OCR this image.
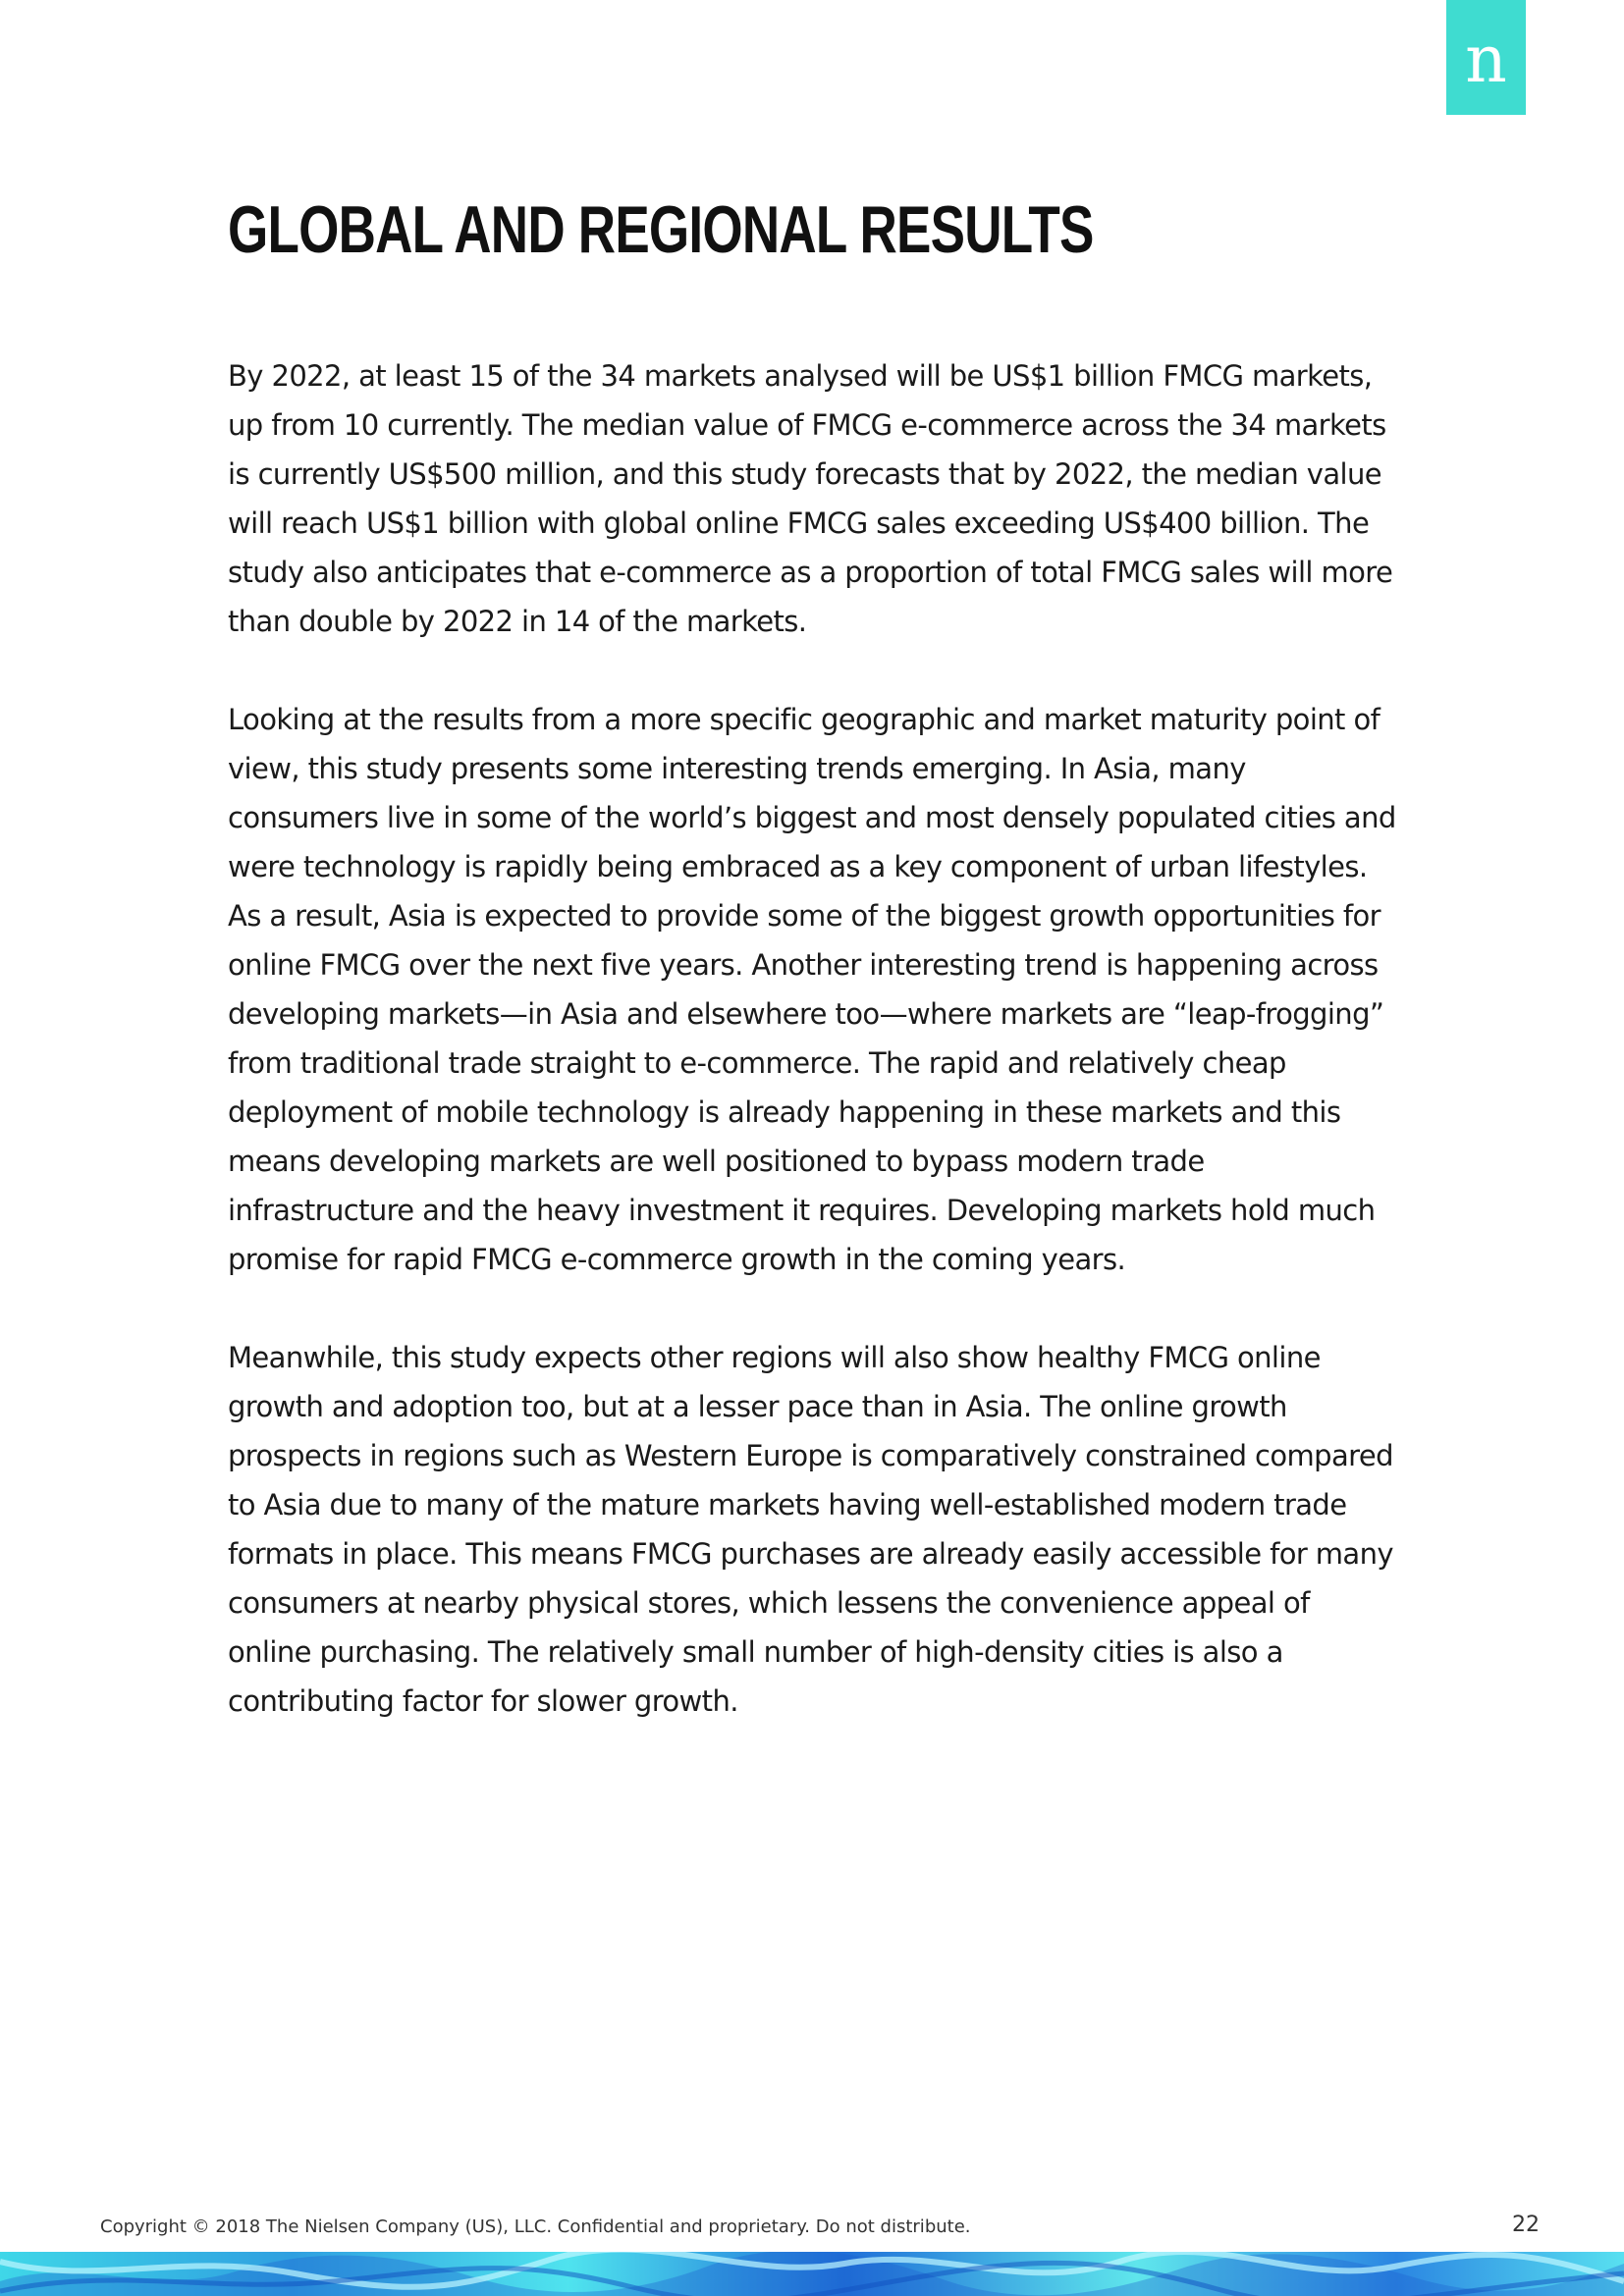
n
GLOBAL AND REGIONAL RESULTS

By 2022, at least 15 of the 34 markets analysed will be US$1 billion FMCG markets, up from 10 currently. The median value of FMCG e-commerce across the 34 markets is currently US$500 million, and this study forecasts that by 2022, the median value will reach US$1 billion with global online FMCG sales exceeding US$400 billion. The study also anticipates that e-commerce as a proportion of total FMCG sales will more than double by 2022 in 14 of the markets.

Looking at the results from a more specific geographic and market maturity point of view, this study presents some interesting trends emerging. In Asia, many consumers live in some of the world’s biggest and most densely populated cities and were technology is rapidly being embraced as a key component of urban lifestyles. As a result, Asia is expected to provide some of the biggest growth opportunities for online FMCG over the next five years. Another interesting trend is happening across developing markets—in Asia and elsewhere too—where markets are “leap-frogging” from traditional trade straight to e-commerce. The rapid and relatively cheap deployment of mobile technology is already happening in these markets and this means developing markets are well positioned to bypass modern trade infrastructure and the heavy investment it requires. Developing markets hold much promise for rapid FMCG e-commerce growth in the coming years.

Meanwhile, this study expects other regions will also show healthy FMCG online growth and adoption too, but at a lesser pace than in Asia. The online growth prospects in regions such as Western Europe is comparatively constrained compared to Asia due to many of the mature markets having well-established modern trade formats in place. This means FMCG purchases are already easily accessible for many consumers at nearby physical stores, which lessens the convenience appeal of online purchasing. The relatively small number of high-density cities is also a contributing factor for slower growth.

Copyright © 2018 The Nielsen Company (US), LLC. Confidential and proprietary. Do not distribute.	22
